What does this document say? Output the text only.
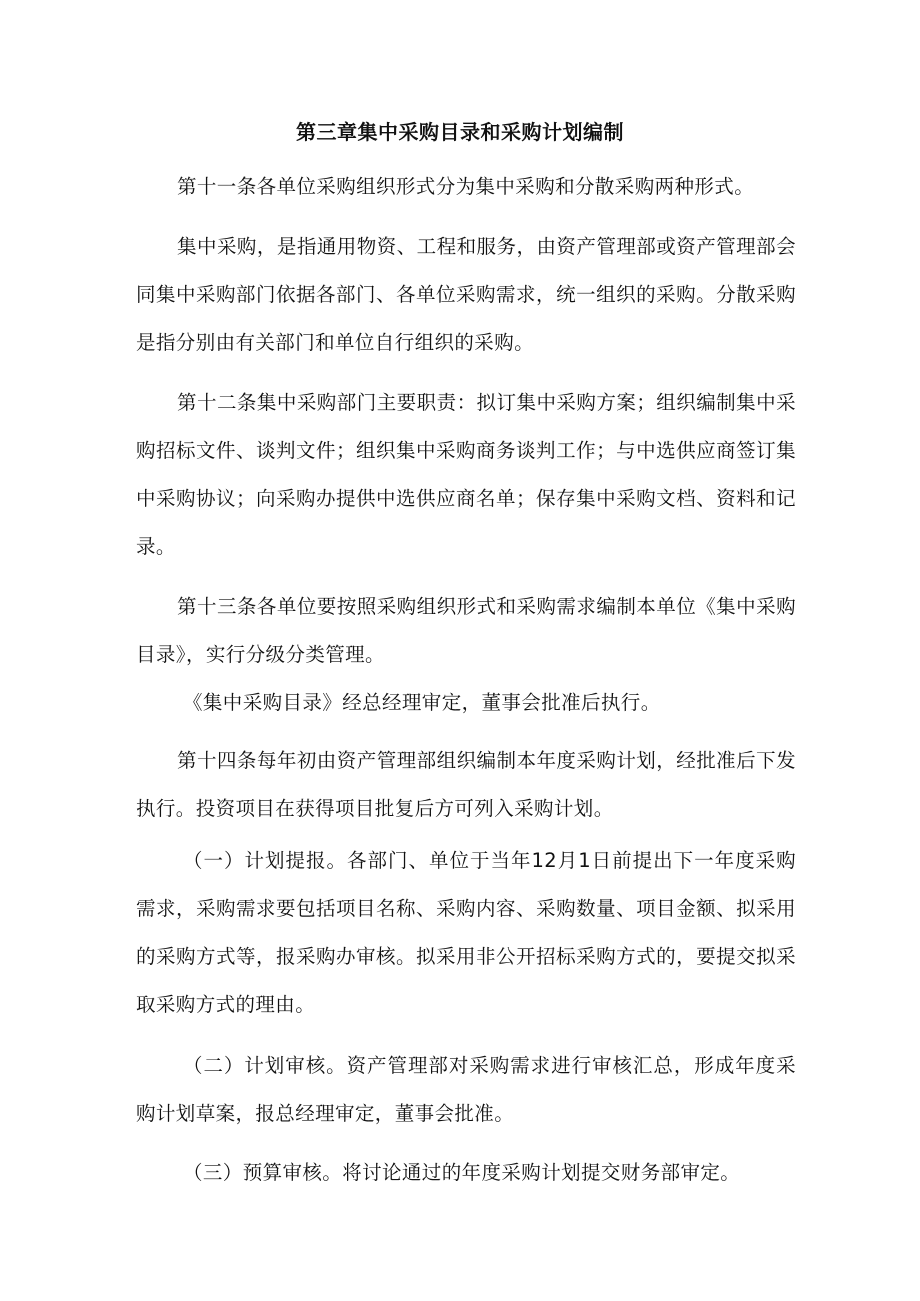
第三章集中采购目录和采购计划编制

第十一条各单位采购组织形式分为集中采购和分散采购两种形式。

集中采购，是指通用物资、工程和服务，由资产管理部或资产管理部会同集中采购部门依据各部门、各单位采购需求，统一组织的采购。分散采购是指分别由有关部门和单位自行组织的采购。

第十二条集中采购部门主要职责：拟订集中采购方案；组织编制集中采购招标文件、谈判文件；组织集中采购商务谈判工作；与中选供应商签订集中采购协议；向采购办提供中选供应商名单；保存集中采购文档、资料和记录。

第十三条各单位要按照采购组织形式和采购需求编制本单位《集中采购目录》，实行分级分类管理。

《集中采购目录》经总经理审定，董事会批准后执行。

第十四条每年初由资产管理部组织编制本年度采购计划，经批准后下发执行。投资项目在获得项目批复后方可列入采购计划。

（一）计划提报。各部门、单位于当年12月1日前提出下一年度采购需求，采购需求要包括项目名称、采购内容、采购数量、项目金额、拟采用的采购方式等，报采购办审核。拟采用非公开招标采购方式的，要提交拟采取采购方式的理由。

（二）计划审核。资产管理部对采购需求进行审核汇总，形成年度采购计划草案，报总经理审定，董事会批准。

（三）预算审核。将讨论通过的年度采购计划提交财务部审定。
